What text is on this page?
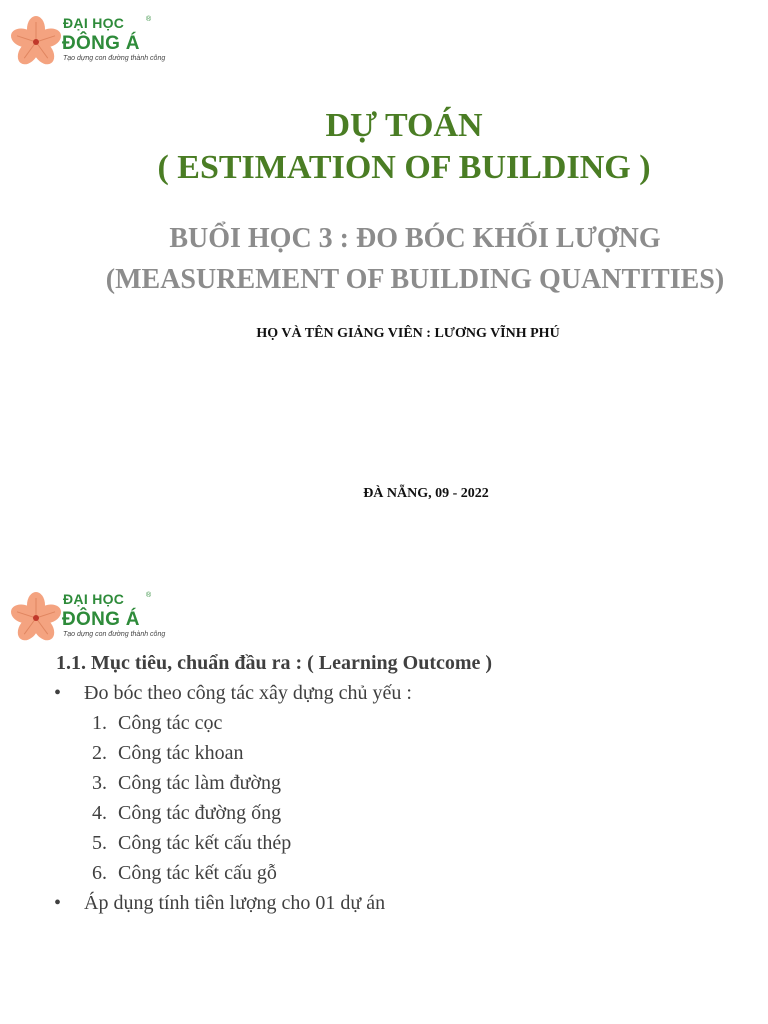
ĐẠI HỌC	®
ĐÔNG Á
Tạo dựng con đường thành công
DỰ TOÁN
( ESTIMATION OF BUILDING )
BUỔI HỌC 3 : ĐO BÓC KHỐI LƯỢNG
(MEASUREMENT OF BUILDING QUANTITIES)

HỌ VÀ TÊN GIẢNG VIÊN : LƯƠNG VĨNH PHÚ

ĐÀ NẴNG, 09 - 2022

ĐẠI HỌC	®
ĐÔNG Á
Tạo dựng con đường thành công
1.1. Mục tiêu, chuẩn đầu ra : ( Learning Outcome )
• Đo bóc theo công tác xây dựng chủ yếu :
1. Công tác cọc
2. Công tác khoan
3. Công tác làm đường
4. Công tác đường ống
5. Công tác kết cấu thép
6. Công tác kết cấu gỗ
• Áp dụng tính tiên lượng cho 01 dự án
